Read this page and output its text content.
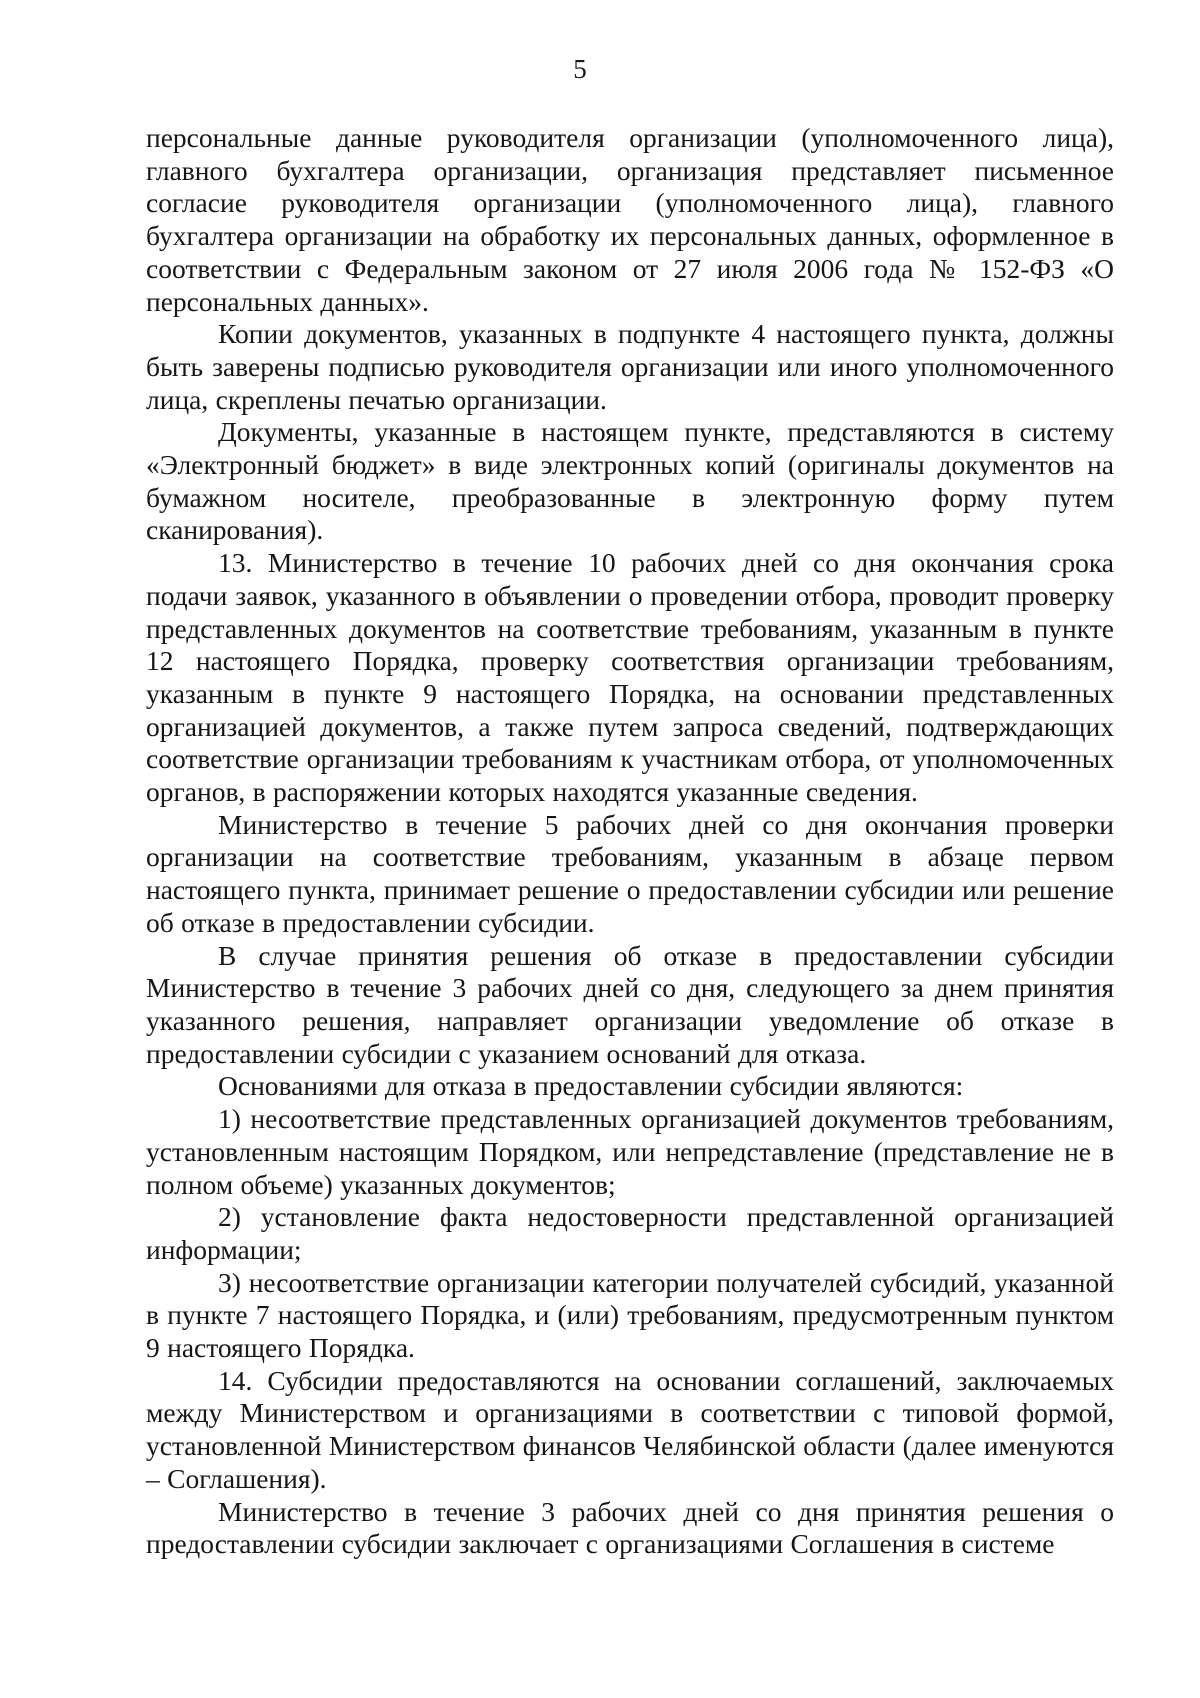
5

персональные данные руководителя организации (уполномоченного лица), главного бухгалтера организации, организация представляет письменное согласие руководителя организации (уполномоченного лица), главного бухгалтера организации на обработку их персональных данных, оформленное в соответствии с Федеральным законом от 27 июля 2006 года № 152-ФЗ «О персональных данных».

Копии документов, указанных в подпункте 4 настоящего пункта, должны быть заверены подписью руководителя организации или иного уполномоченного лица, скреплены печатью организации.

Документы, указанные в настоящем пункте, представляются в систему «Электронный бюджет» в виде электронных копий (оригиналы документов на бумажном носителе, преобразованные в электронную форму путем сканирования).

13. Министерство в течение 10 рабочих дней со дня окончания срока подачи заявок, указанного в объявлении о проведении отбора, проводит проверку представленных документов на соответствие требованиям, указанным в пункте 12 настоящего Порядка, проверку соответствия организации требованиям, указанным в пункте 9 настоящего Порядка, на основании представленных организацией документов, а также путем запроса сведений, подтверждающих соответствие организации требованиям к участникам отбора, от уполномоченных органов, в распоряжении которых находятся указанные сведения.

Министерство в течение 5 рабочих дней со дня окончания проверки организации на соответствие требованиям, указанным в абзаце первом настоящего пункта, принимает решение о предоставлении субсидии или решение об отказе в предоставлении субсидии.

В случае принятия решения об отказе в предоставлении субсидии Министерство в течение 3 рабочих дней со дня, следующего за днем принятия указанного решения, направляет организации уведомление об отказе в предоставлении субсидии с указанием оснований для отказа.

Основаниями для отказа в предоставлении субсидии являются:

1) несоответствие представленных организацией документов требованиям, установленным настоящим Порядком, или непредставление (представление не в полном объеме) указанных документов;

2) установление факта недостоверности представленной организацией информации;

3) несоответствие организации категории получателей субсидий, указанной в пункте 7 настоящего Порядка, и (или) требованиям, предусмотренным пунктом 9 настоящего Порядка.

14. Субсидии предоставляются на основании соглашений, заключаемых между Министерством и организациями в соответствии с типовой формой, установленной Министерством финансов Челябинской области (далее именуются – Соглашения).

Министерство в течение 3 рабочих дней со дня принятия решения о предоставлении субсидии заключает с организациями Соглашения в системе
